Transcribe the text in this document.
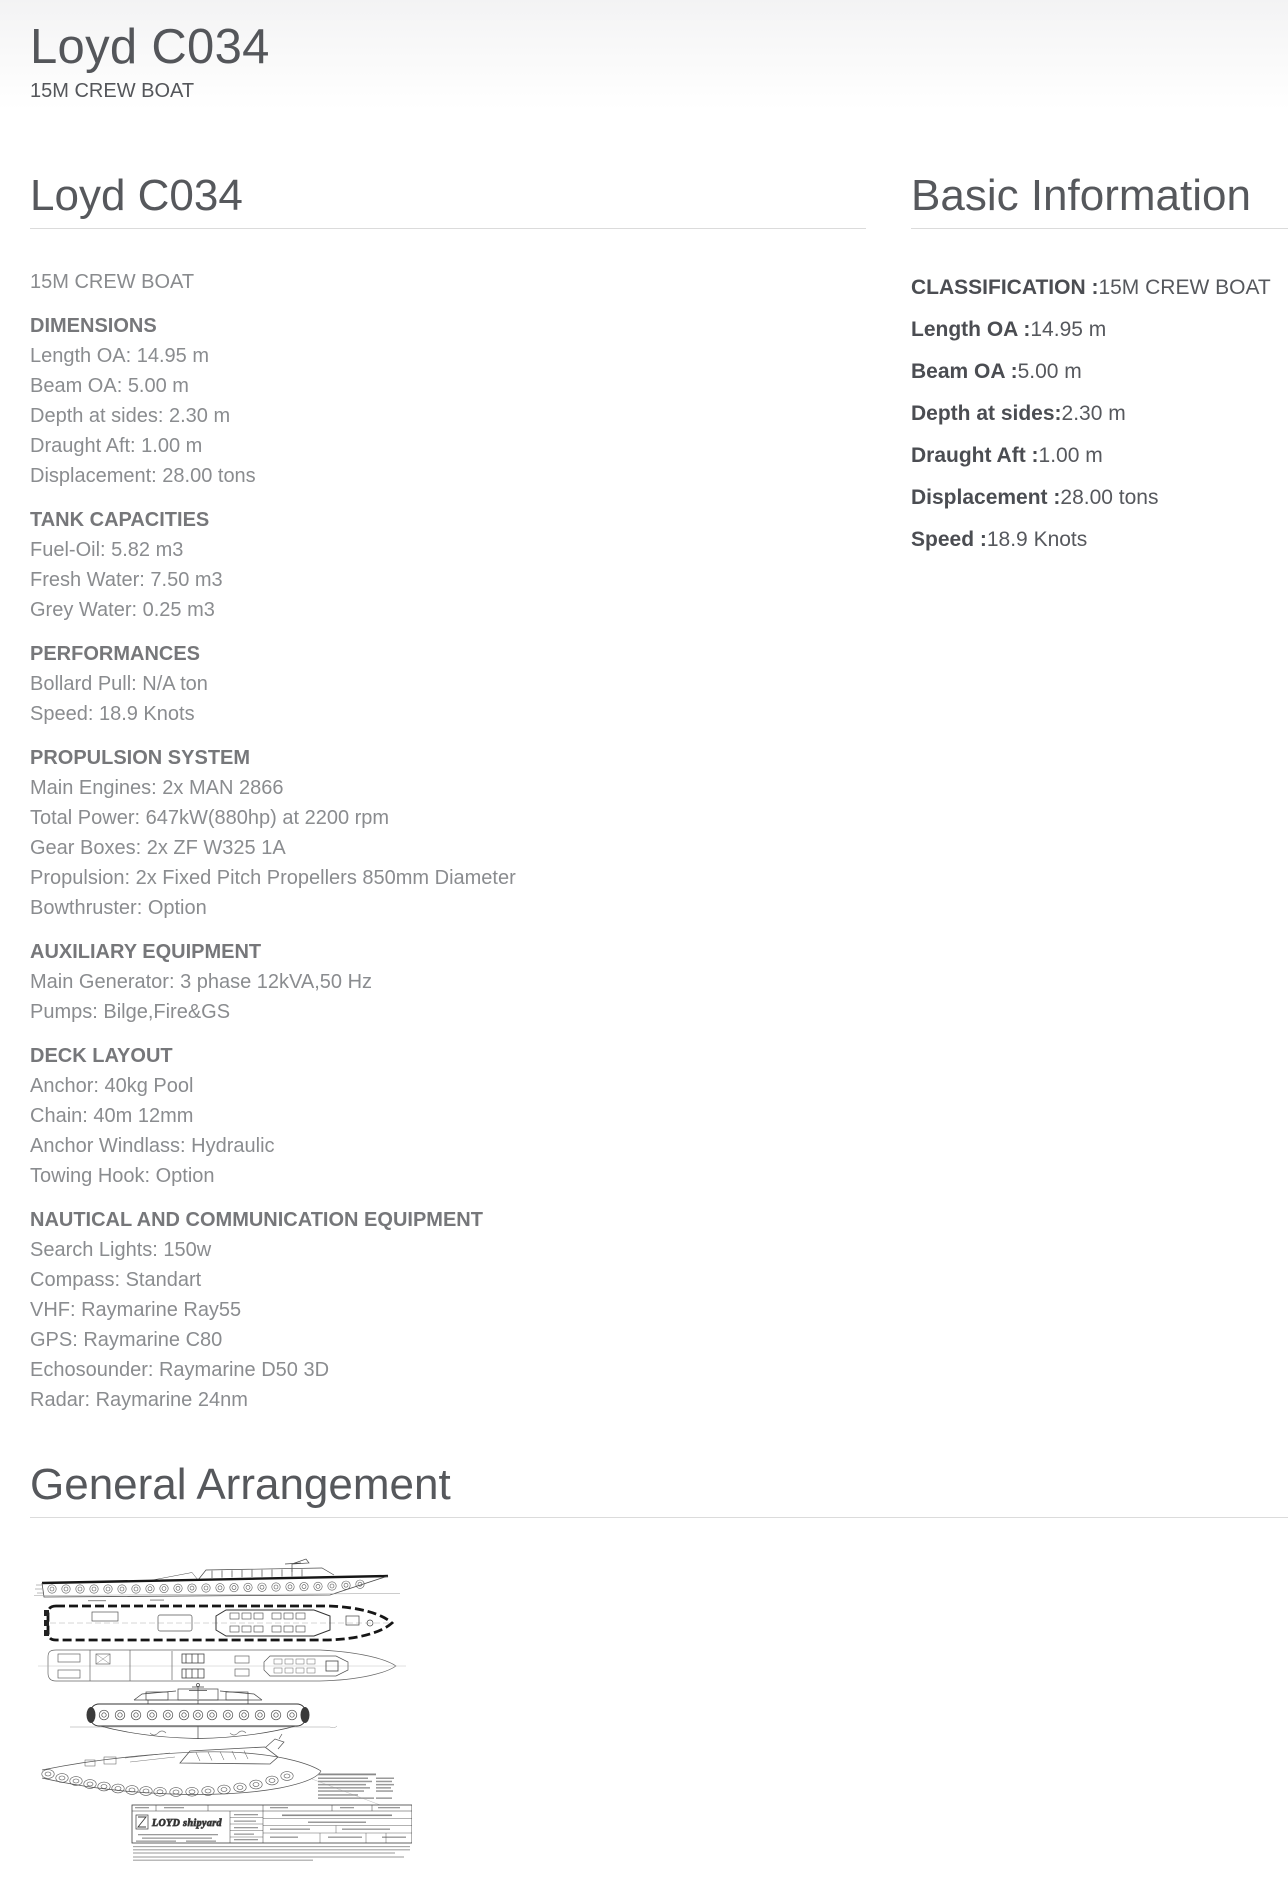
Loyd C034
15M CREW BOAT
Loyd C034

15M CREW BOAT

DIMENSIONS
Length OA: 14.95 m
Beam OA: 5.00 m
Depth at sides: 2.30 m
Draught Aft: 1.00 m
Displacement: 28.00 tons
TANK CAPACITIES
Fuel-Oil: 5.82 m3
Fresh Water: 7.50 m3
Grey Water: 0.25 m3
PERFORMANCES
Bollard Pull: N/A ton
Speed: 18.9 Knots
PROPULSION SYSTEM
Main Engines: 2x MAN 2866
Total Power: 647kW(880hp) at 2200 rpm
Gear Boxes: 2x ZF W325 1A
Propulsion: 2x Fixed Pitch Propellers 850mm Diameter
Bowthruster: Option
AUXILIARY EQUIPMENT
Main Generator: 3 phase 12kVA,50 Hz
Pumps: Bilge,Fire&GS
DECK LAYOUT
Anchor: 40kg Pool
Chain: 40m 12mm
Anchor Windlass: Hydraulic
Towing Hook: Option
NAUTICAL AND COMMUNICATION EQUIPMENT
Search Lights: 150w
Compass: Standart
VHF: Raymarine Ray55
GPS: Raymarine C80
Echosounder: Raymarine D50 3D
Radar: Raymarine 24nm
Basic Information

CLASSIFICATION :15M CREW BOAT

Length OA :14.95 m

Beam OA :5.00 m

Depth at sides:2.30 m

Draught Aft :1.00 m

Displacement :28.00 tons

Speed :18.9 Knots

General Arrangement
LOYD shipyard
